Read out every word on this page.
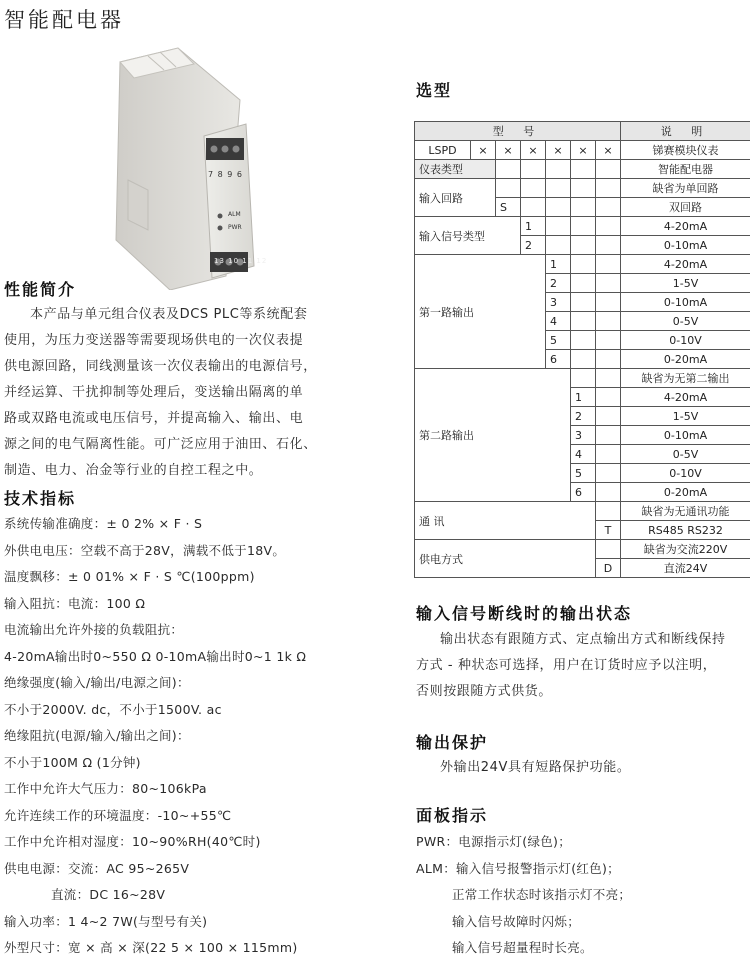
智能配电器
7 8 9 6
ALM
PWR
13 10 11 12
性能简介
本产品与单元组合仪表及DCS PLC等系统配套
使用，为压力变送器等需要现场供电的一次仪表提
供电源回路，同线测量该一次仪表输出的电源信号，
并经运算、干扰抑制等处理后，变送输出隔离的单
路或双路电流或电压信号，并提高输入、输出、电
源之间的电气隔离性能。可广泛应用于油田、石化、
制造、电力、冶金等行业的自控工程之中。
技术指标
系统传输准确度：± 0 2% × F · S
外供电电压：空载不高于28V，满载不低于18V。
温度飘移：± 0 01% × F · S ℃(100ppm)
输入阻抗：电流：100 Ω
电流输出允许外接的负载阻抗：
4-20mA输出时0~550 Ω 0-10mA输出时0~1 1k Ω
绝缘强度(输入/输出/电源之间)：
不小于2000V. dc，不小于1500V. ac
绝缘阻抗(电源/输入/输出之间)：
不小于100M Ω (1分钟)
工作中允许大气压力：80~106kPa
允许连续工作的环境温度：-10~+55℃
工作中允许相对湿度：10~90%RH(40℃时)
供电电源：交流：AC 95~265V
直流：DC 16~28V
输入功率：1 4~2 7W(与型号有关)
外型尺寸：宽 × 高 × 深(22 5 × 100 × 115mm)
选型
型 号							说 明
LSPD	×	×	×	×	×	×	锑赛模块仪表
仪表类型							智能配电器
输入回路							缺省为单回路
		S					双回路
输入信号类型			1				4-20mA
			2				0-10mA
第一路输出				1			4-20mA
				2			1-5V
				3			0-10mA
				4			0-5V
				5			0-10V
				6			0-20mA
第二路输出							缺省为无第二输出
					1		4-20mA
					2		1-5V
					3		0-10mA
					4		0-5V
					5		0-10V
					6		0-20mA
通 讯							缺省为无通讯功能
						T	RS485 RS232
供电方式							缺省为交流220V
						D	直流24V
输入信号断线时的输出状态
输出状态有跟随方式、定点输出方式和断线保持
方式 - 种状态可选择，用户在订货时应予以注明，
否则按跟随方式供货。
输出保护
外输出24V具有短路保护功能。
面板指示
PWR：电源指示灯(绿色)；
ALM：输入信号报警指示灯(红色)；
正常工作状态时该指示灯不亮；
输入信号故障时闪烁；
输入信号超量程时长亮。
